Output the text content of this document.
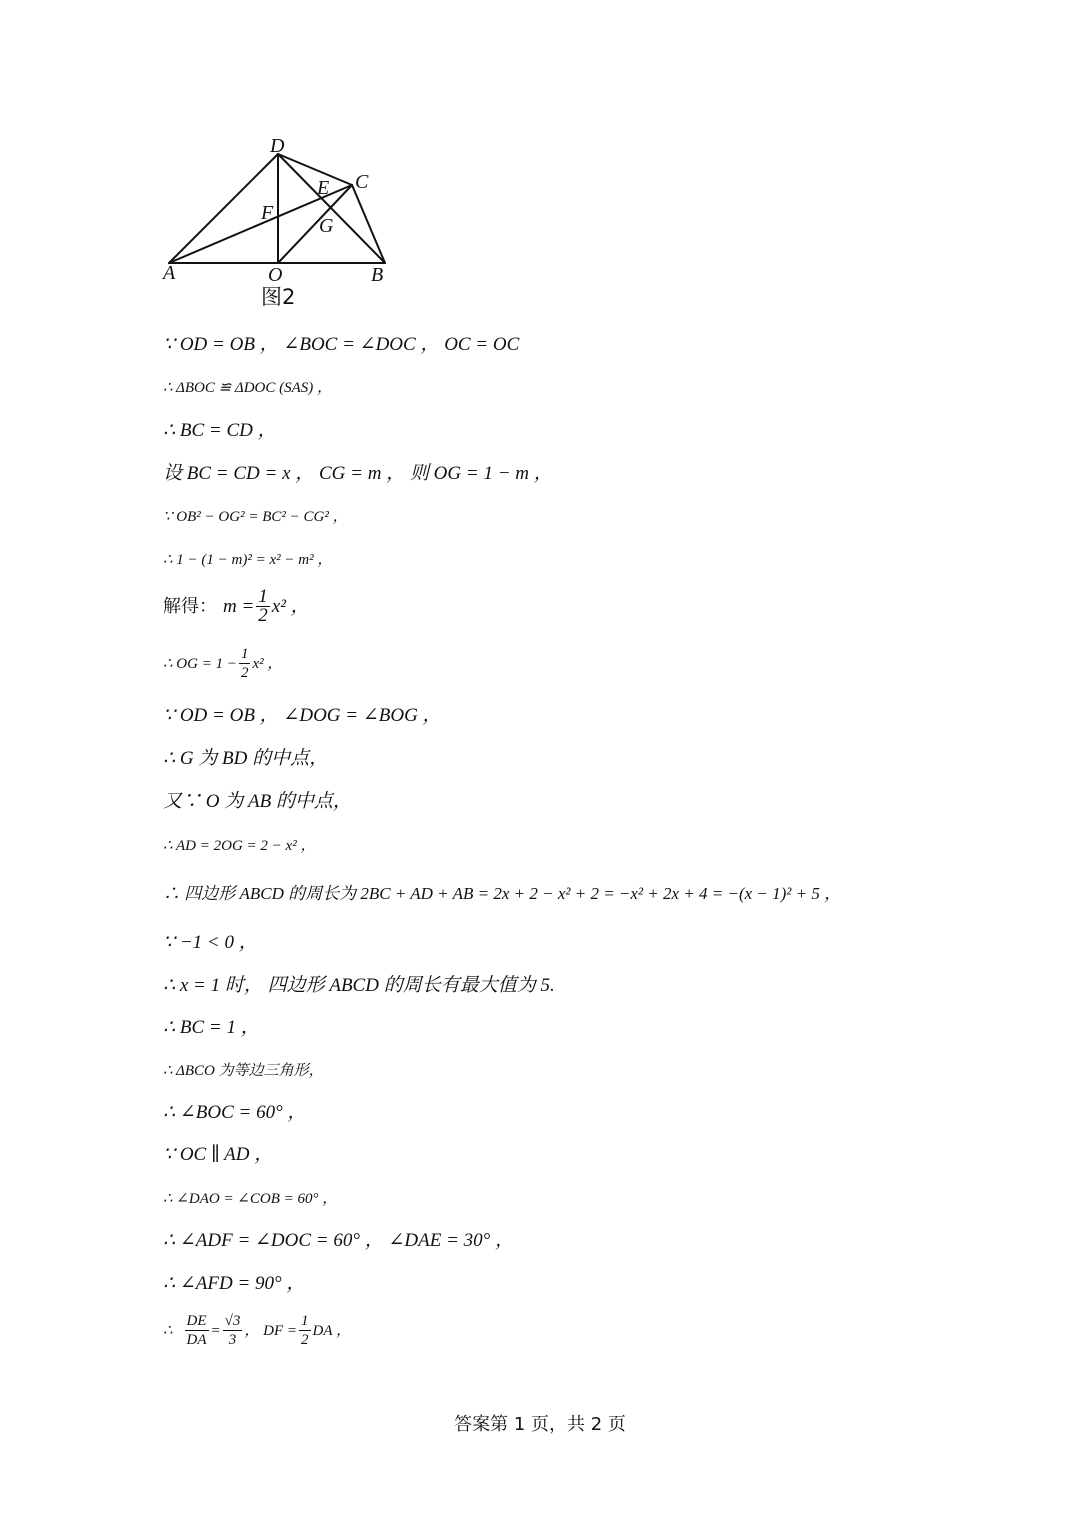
D
C
E
F
G
A	O	B
图2
∵ OD = OB ， ∠BOC = ∠DOC ， OC = OC
∴ ΔBOC ≌ ΔDOC (SAS) ，
∴ BC = CD ，
设 BC = CD = x ， CG = m ， 则 OG = 1 − m ，
∵ OB² − OG² = BC² − CG² ，
∴ 1 − (1 − m)² = x² − m² ，
解得： $m = \frac{1}{2} x^2$ ，
∴ OG = $1 - \frac{1}{2} x^2$ ，
∵ OD = OB ， ∠DOG = ∠BOG ，
∴ G 为 BD 的中点，
又∵ O 为 AB 的中点，
∴ AD = 2OG = 2 − x² ，
∴ 四边形 ABCD 的周长为 2BC + AD + AB = 2x + 2 − x² + 2 = −x² + 2x + 4 = −(x − 1)² + 5 ，
∵ −1 < 0 ，
∴ x = 1 时， 四边形 ABCD 的周长有最大值为 5.
∴ BC = 1 ，
∴ ΔBCO 为等边三角形，
∴ ∠BOC = 60° ，
∵ OC ∥ AD ，
∴ ∠DAO = ∠COB = 60° ，
∴ ∠ADF = ∠DOC = 60° ， ∠DAE = 30° ，
∴ ∠AFD = 90° ，
∴ $\frac{DE}{DA} = \frac{√3}{3}$ ， DF = $\frac{1}{2}$ DA ，
答案第 1 页，共 2 页
